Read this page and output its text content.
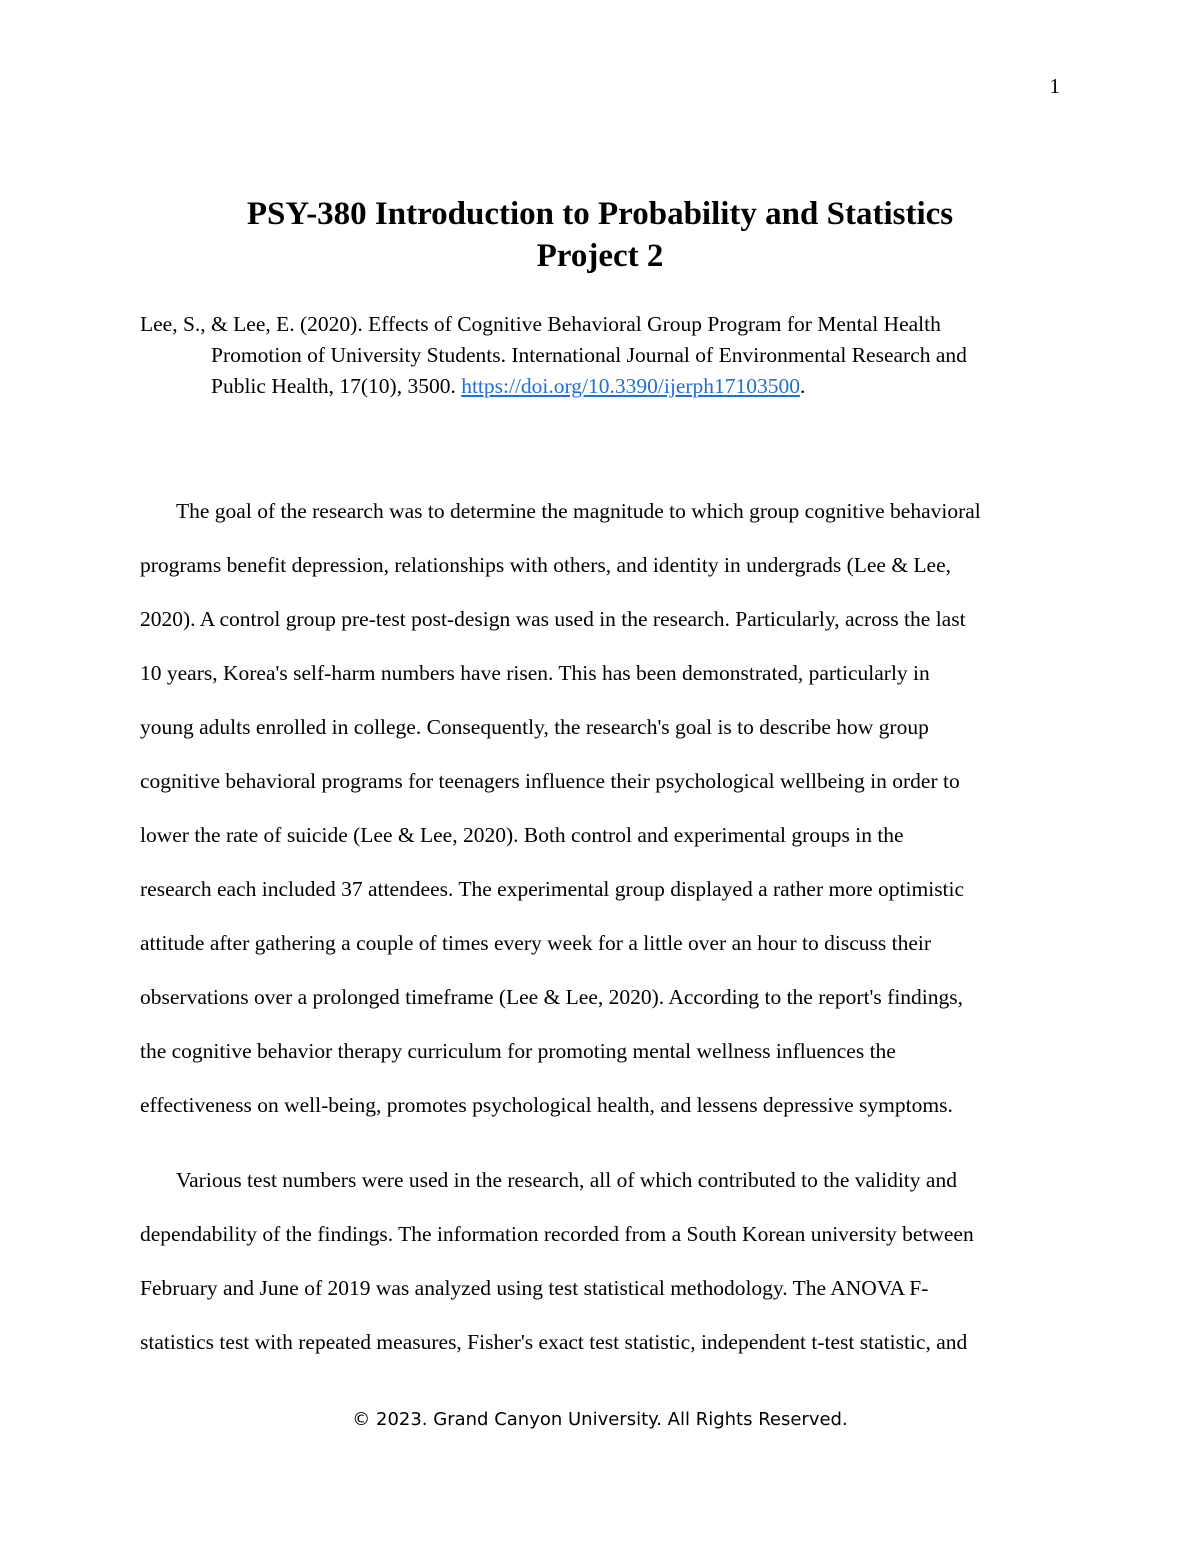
1
PSY-380 Introduction to Probability and Statistics
Project 2
Lee, S., & Lee, E. (2020). Effects of Cognitive Behavioral Group Program for Mental Health
Promotion of University Students. International Journal of Environmental Research and
Public Health, 17(10), 3500. https://doi.org/10.3390/ijerph17103500.
The goal of the research was to determine the magnitude to which group cognitive behavioral
programs benefit depression, relationships with others, and identity in undergrads (Lee & Lee,
2020). A control group pre-test post-design was used in the research. Particularly, across the last
10 years, Korea's self-harm numbers have risen. This has been demonstrated, particularly in
young adults enrolled in college. Consequently, the research's goal is to describe how group
cognitive behavioral programs for teenagers influence their psychological wellbeing in order to
lower the rate of suicide (Lee & Lee, 2020). Both control and experimental groups in the
research each included 37 attendees. The experimental group displayed a rather more optimistic
attitude after gathering a couple of times every week for a little over an hour to discuss their
observations over a prolonged timeframe (Lee & Lee, 2020). According to the report's findings,
the cognitive behavior therapy curriculum for promoting mental wellness influences the
effectiveness on well-being, promotes psychological health, and lessens depressive symptoms.
Various test numbers were used in the research, all of which contributed to the validity and
dependability of the findings. The information recorded from a South Korean university between
February and June of 2019 was analyzed using test statistical methodology. The ANOVA F-
statistics test with repeated measures, Fisher's exact test statistic, independent t-test statistic, and
© 2023. Grand Canyon University. All Rights Reserved.
